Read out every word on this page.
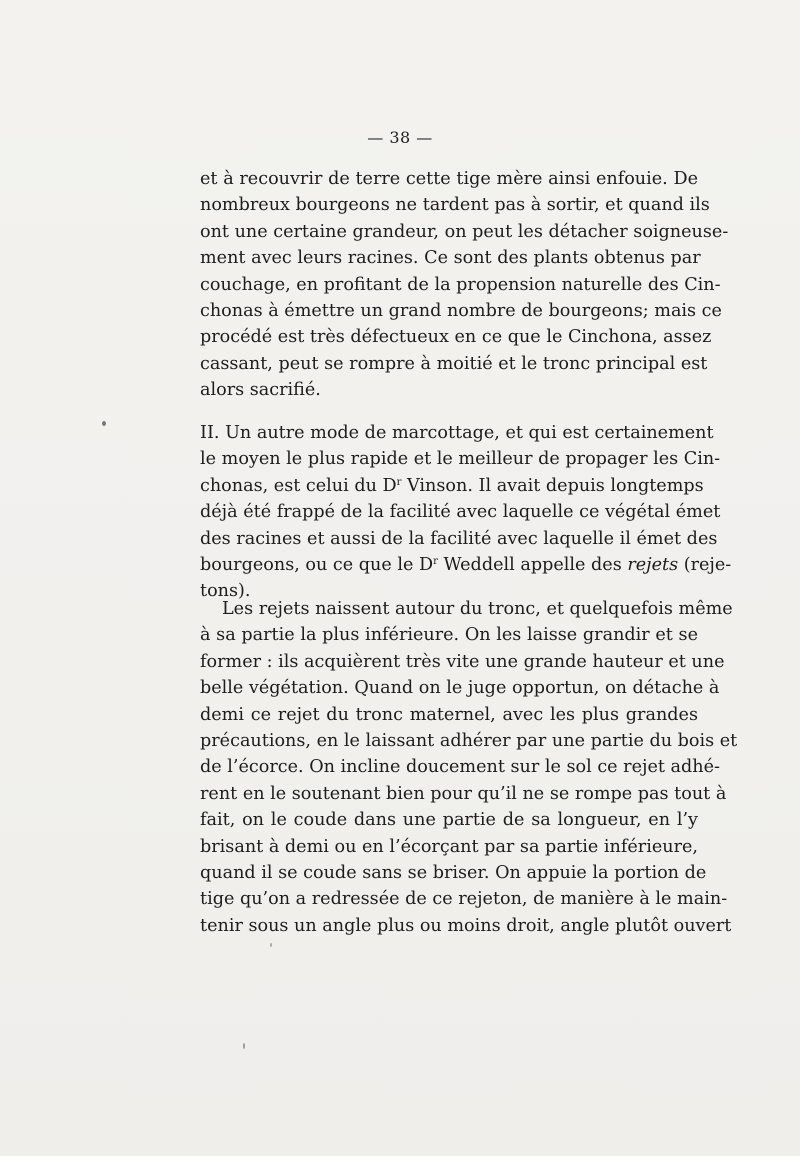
— 38 —
et à recouvrir de terre cette tige mère ainsi enfouie. De
nombreux bourgeons ne tardent pas à sortir, et quand ils
ont une certaine grandeur, on peut les détacher soigneuse-
ment avec leurs racines. Ce sont des plants obtenus par
couchage, en profitant de la propension naturelle des Cin-
chonas à émettre un grand nombre de bourgeons; mais ce
procédé est très défectueux en ce que le Cinchona, assez
cassant, peut se rompre à moitié et le tronc principal est
alors sacrifié.
II. Un autre mode de marcottage, et qui est certainement
le moyen le plus rapide et le meilleur de propager les Cin-
chonas, est celui du $D^r$ Vinson. Il avait depuis longtemps
déjà été frappé de la facilité avec laquelle ce végétal émet
des racines et aussi de la facilité avec laquelle il émet des
bourgeons, ou ce que le $D^r$ Weddell appelle des rejets (reje-
tons).
Les rejets naissent autour du tronc, et quelquefois même
à sa partie la plus inférieure. On les laisse grandir et se
former : ils acquièrent très vite une grande hauteur et une
belle végétation. Quand on le juge opportun, on détache à
demi ce rejet du tronc maternel, avec les plus grandes
précautions, en le laissant adhérer par une partie du bois et
de l’écorce. On incline doucement sur le sol ce rejet adhé-
rent en le soutenant bien pour qu’il ne se rompe pas tout à
fait, on le coude dans une partie de sa longueur, en l’y
brisant à demi ou en l’écorçant par sa partie inférieure,
quand il se coude sans se briser. On appuie la portion de
tige qu’on a redressée de ce rejeton, de manière à le main-
tenir sous un angle plus ou moins droit, angle plutôt ouvert
